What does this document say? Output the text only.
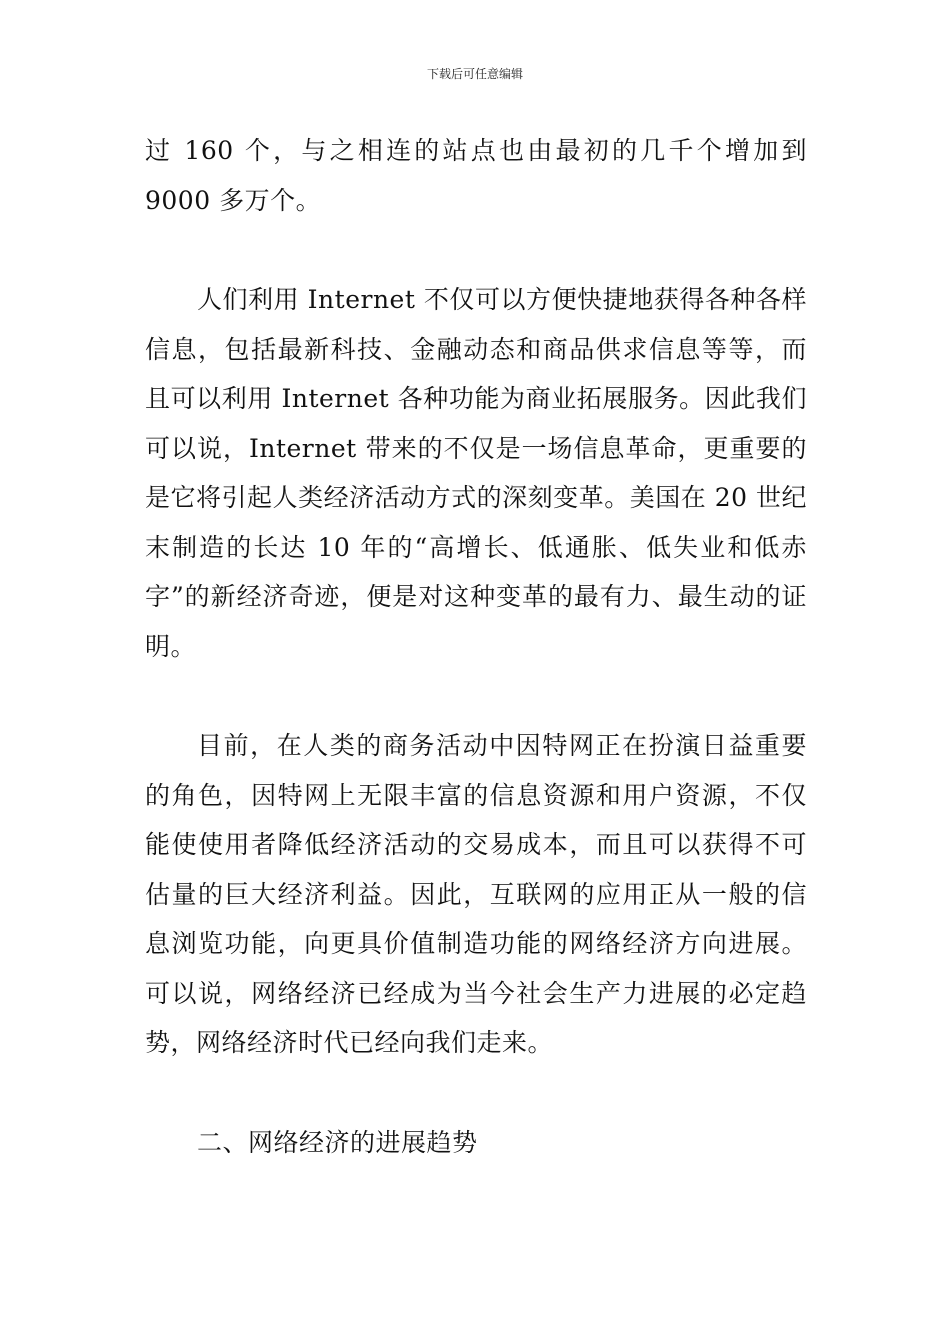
下载后可任意编辑

过 160 个，与之相连的站点也由最初的几千个增加到 9000 多万个。

人们利用 Internet 不仅可以方便快捷地获得各种各样信息，包括最新科技、金融动态和商品供求信息等等，而且可以利用 Internet 各种功能为商业拓展服务。因此我们可以说，Internet 带来的不仅是一场信息革命，更重要的是它将引起人类经济活动方式的深刻变革。美国在 20 世纪末制造的长达 10 年的“高增长、低通胀、低失业和低赤字”的新经济奇迹，便是对这种变革的最有力、最生动的证明。

目前，在人类的商务活动中因特网正在扮演日益重要的角色，因特网上无限丰富的信息资源和用户资源，不仅能使使用者降低经济活动的交易成本，而且可以获得不可估量的巨大经济利益。因此，互联网的应用正从一般的信息浏览功能，向更具价值制造功能的网络经济方向进展。可以说，网络经济已经成为当今社会生产力进展的必定趋势，网络经济时代已经向我们走来。

二、网络经济的进展趋势
